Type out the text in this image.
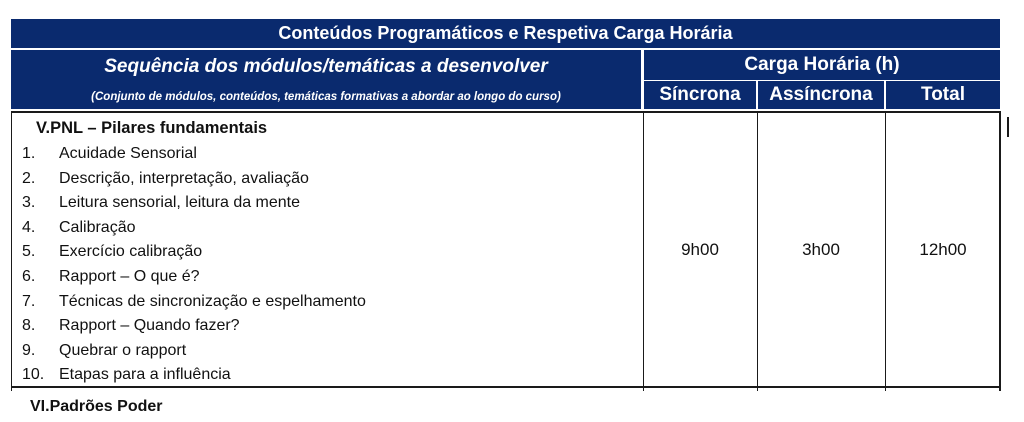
Conteúdos Programáticos e Respetiva Carga Horária
Sequência dos módulos/temáticas a desenvolver
(Conjunto de módulos, conteúdos, temáticas formativas a abordar ao longo do curso)
Carga Horária (h)
Síncrona	Assíncrona	Total
V.PNL – Pilares fundamentais
1.	Acuidade Sensorial
2.	Descrição, interpretação, avaliação
3.	Leitura sensorial, leitura da mente
4.	Calibração
5.	Exercício calibração
6.	Rapport – O que é?
7.	Técnicas de sincronização e espelhamento
8.	Rapport – Quando fazer?
9.	Quebrar o rapport
10. Etapas para a influência
9h00	3h00	12h00
VI.Padrões Poder
